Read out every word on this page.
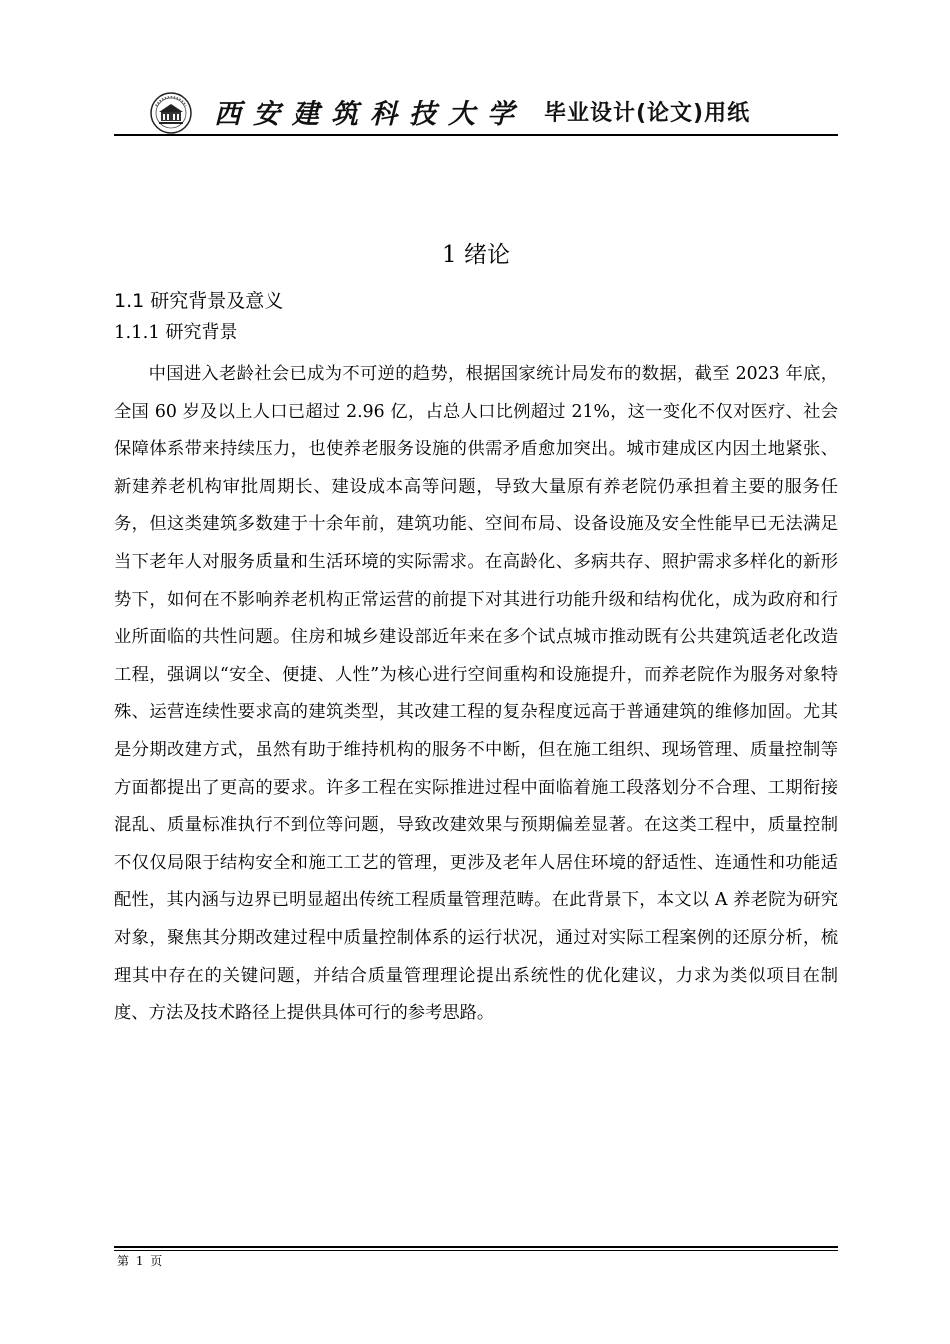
西安建筑科技大学 毕业设计(论文)用纸
1 绪论
1.1 研究背景及意义
1.1.1 研究背景

中国进入老龄社会已成为不可逆的趋势，根据国家统计局发布的数据，截至 2023 年底，全国 60 岁及以上人口已超过 2.96 亿，占总人口比例超过 21%，这一变化不仅对医疗、社会保障体系带来持续压力，也使养老服务设施的供需矛盾愈加突出。城市建成区内因土地紧张、新建养老机构审批周期长、建设成本高等问题，导致大量原有养老院仍承担着主要的服务任务，但这类建筑多数建于十余年前，建筑功能、空间布局、设备设施及安全性能早已无法满足当下老年人对服务质量和生活环境的实际需求。在高龄化、多病共存、照护需求多样化的新形势下，如何在不影响养老机构正常运营的前提下对其进行功能升级和结构优化，成为政府和行业所面临的共性问题。住房和城乡建设部近年来在多个试点城市推动既有公共建筑适老化改造工程，强调以“安全、便捷、人性”为核心进行空间重构和设施提升，而养老院作为服务对象特殊、运营连续性要求高的建筑类型，其改建工程的复杂程度远高于普通建筑的维修加固。尤其是分期改建方式，虽然有助于维持机构的服务不中断，但在施工组织、现场管理、质量控制等方面都提出了更高的要求。许多工程在实际推进过程中面临着施工段落划分不合理、工期衔接混乱、质量标准执行不到位等问题，导致改建效果与预期偏差显著。在这类工程中，质量控制不仅仅局限于结构安全和施工工艺的管理，更涉及老年人居住环境的舒适性、连通性和功能适配性，其内涵与边界已明显超出传统工程质量管理范畴。在此背景下，本文以 A 养老院为研究对象，聚焦其分期改建过程中质量控制体系的运行状况，通过对实际工程案例的还原分析，梳理其中存在的关键问题，并结合质量管理理论提出系统性的优化建议，力求为类似项目在制度、方法及技术路径上提供具体可行的参考思路。

第 1 页
